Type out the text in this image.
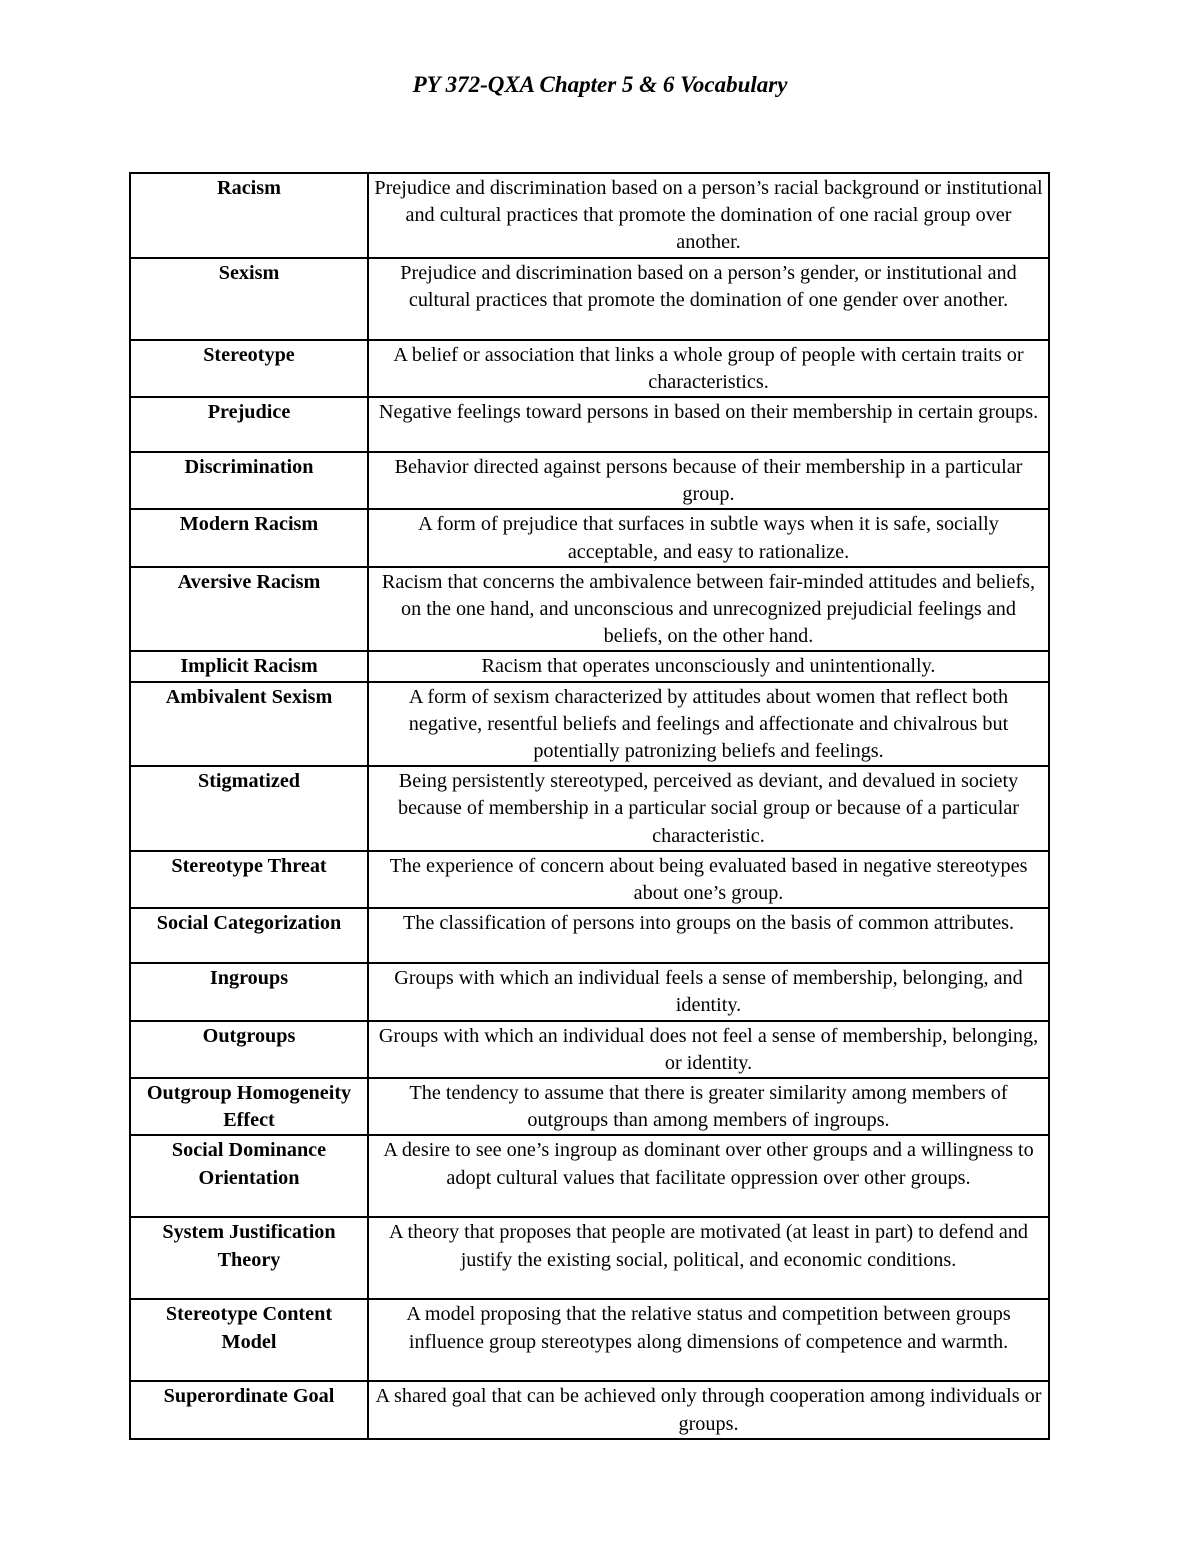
PY 372-QXA Chapter 5 & 6 Vocabulary
Racism	Prejudice and discrimination based on a person’s racial background or institutional and cultural practices that promote the domination of one racial group over another.
Sexism	Prejudice and discrimination based on a person’s gender, or institutional and cultural practices that promote the domination of one gender over another.
Stereotype	A belief or association that links a whole group of people with certain traits or characteristics.
Prejudice	Negative feelings toward persons in based on their membership in certain groups.
Discrimination	Behavior directed against persons because of their membership in a particular group.
Modern Racism	A form of prejudice that surfaces in subtle ways when it is safe, socially acceptable, and easy to rationalize.
Aversive Racism	Racism that concerns the ambivalence between fair-minded attitudes and beliefs, on the one hand, and unconscious and unrecognized prejudicial feelings and beliefs, on the other hand.
Implicit Racism	Racism that operates unconsciously and unintentionally.
Ambivalent Sexism	A form of sexism characterized by attitudes about women that reflect both negative, resentful beliefs and feelings and affectionate and chivalrous but potentially patronizing beliefs and feelings.
Stigmatized	Being persistently stereotyped, perceived as deviant, and devalued in society because of membership in a particular social group or because of a particular characteristic.
Stereotype Threat	The experience of concern about being evaluated based in negative stereotypes about one’s group.
Social Categorization	The classification of persons into groups on the basis of common attributes.
Ingroups	Groups with which an individual feels a sense of membership, belonging, and identity.
Outgroups	Groups with which an individual does not feel a sense of membership, belonging, or identity.
Outgroup Homogeneity Effect	The tendency to assume that there is greater similarity among members of outgroups than among members of ingroups.
Social Dominance Orientation	A desire to see one’s ingroup as dominant over other groups and a willingness to adopt cultural values that facilitate oppression over other groups.
System Justification Theory	A theory that proposes that people are motivated (at least in part) to defend and justify the existing social, political, and economic conditions.
Stereotype Content Model	A model proposing that the relative status and competition between groups influence group stereotypes along dimensions of competence and warmth.
Superordinate Goal	A shared goal that can be achieved only through cooperation among individuals or groups.
